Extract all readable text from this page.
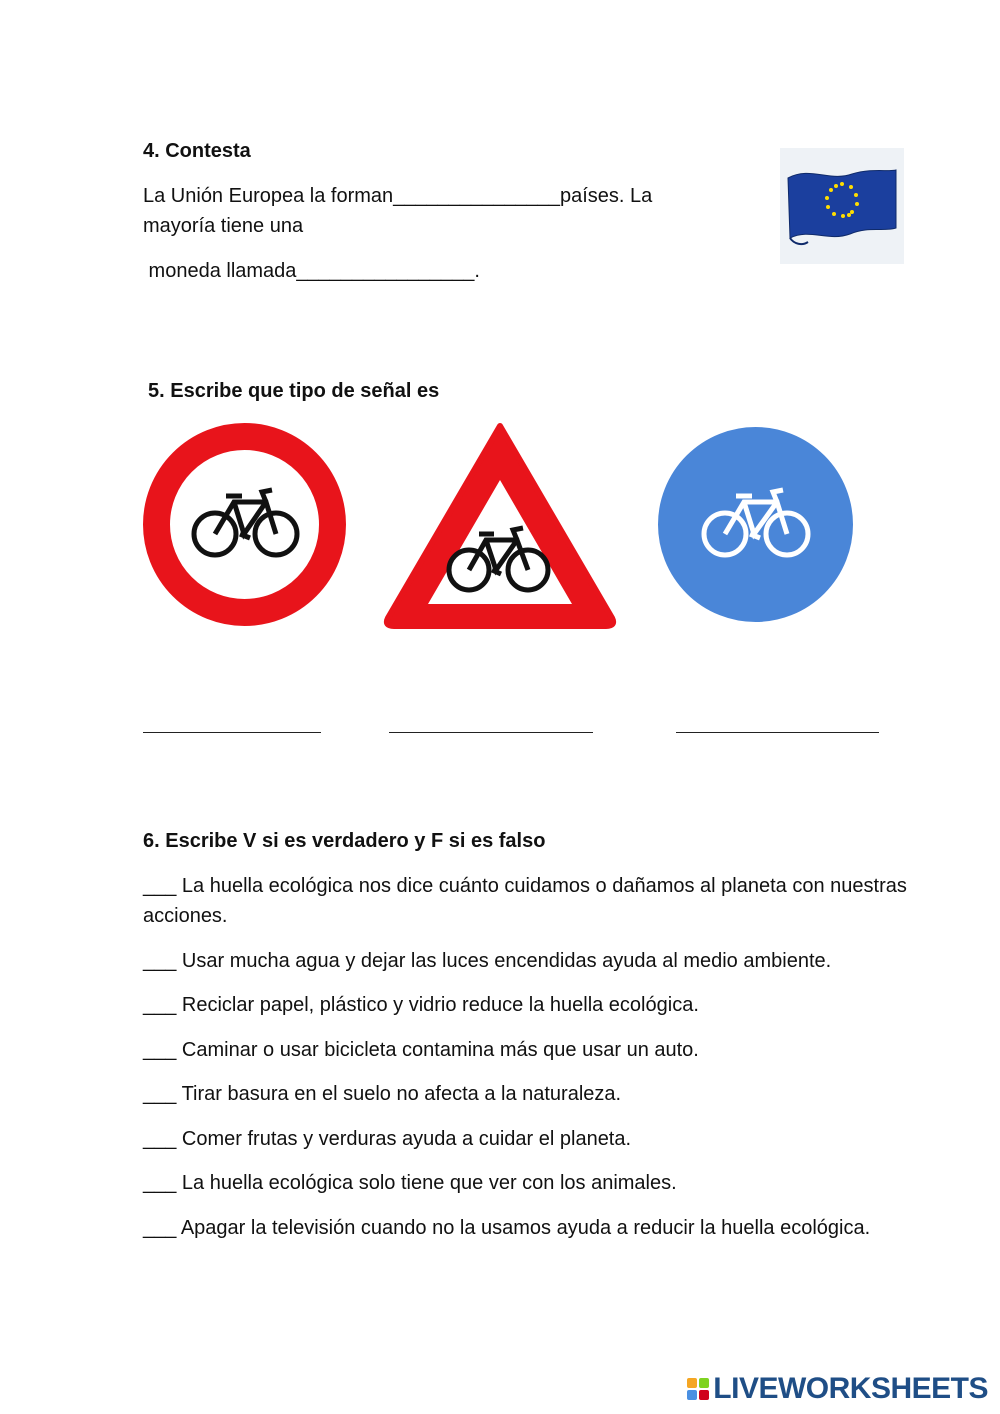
4. Contesta
La Unión Europea la forman_______________países. La mayoría tiene una
moneda llamada________________.
5. Escribe que tipo de señal es
6. Escribe V si es verdadero y F si es falso
___ La huella ecológica nos dice cuánto cuidamos o dañamos al planeta con nuestras acciones.
___ Usar mucha agua y dejar las luces encendidas ayuda al medio ambiente.
___ Reciclar papel, plástico y vidrio reduce la huella ecológica.
___ Caminar o usar bicicleta contamina más que usar un auto.
___ Tirar basura en el suelo no afecta a la naturaleza.
___ Comer frutas y verduras ayuda a cuidar el planeta.
___ La huella ecológica solo tiene que ver con los animales.
___ Apagar la televisión cuando no la usamos ayuda a reducir la huella ecológica.
LIVEWORKSHEETS
